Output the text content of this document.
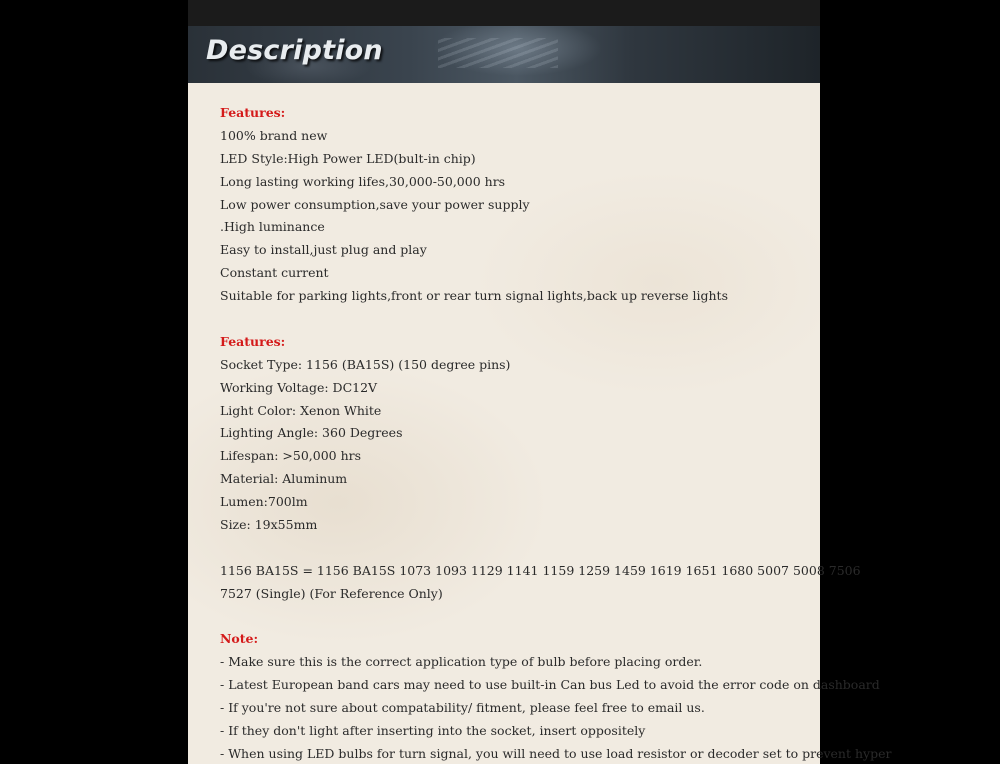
Description
Features:
100% brand new
LED Style:High Power LED(bult-in chip)
Long lasting working lifes,30,000-50,000 hrs
Low power consumption,save your power supply
.High luminance
Easy to install,just plug and play
Constant current
Suitable for parking lights,front or rear turn signal lights,back up reverse lights
Features:
Socket Type: 1156 (BA15S) (150 degree pins)
Working Voltage: DC12V
Light Color: Xenon White
Lighting Angle: 360 Degrees
Lifespan: >50,000 hrs
Material: Aluminum
Lumen:700lm
Size: 19x55mm
1156 BA15S = 1156 BA15S 1073 1093 1129 1141 1159 1259 1459 1619 1651 1680 5007 5008 7506
7527 (Single) (For Reference Only)
Note:
- Make sure this is the correct application type of bulb before placing order.
- Latest European band cars may need to use built-in Can bus Led to avoid the error code on dashboard
- If you're not sure about compatability/ fitment, please feel free to email us.
- If they don't light after inserting into the socket, insert oppositely
- When using LED bulbs for turn signal, you will need to use load resistor or decoder set to prevent hyper
